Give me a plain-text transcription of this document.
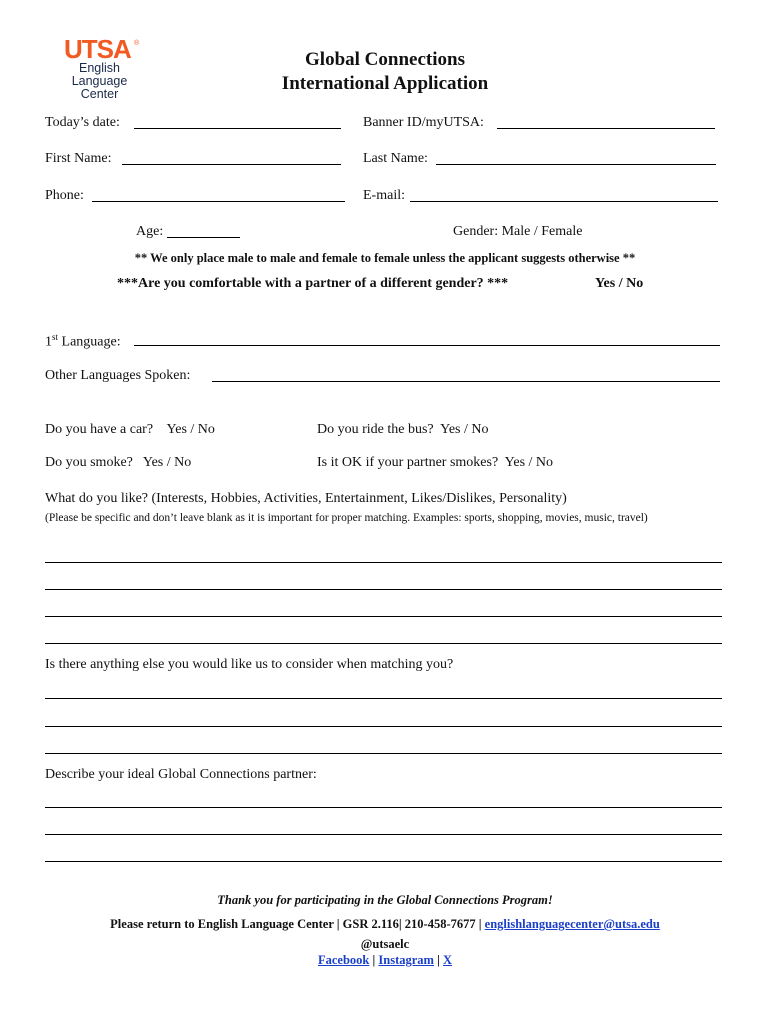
UTSA ®
English
Language Center
Global Connections
International Application
Today’s date:	Banner ID/myUTSA:
First Name:	Last Name:
Phone:	E-mail:
Age:	Gender: Male / Female
** We only place male to male and female to female unless the applicant suggests otherwise **
***Are you comfortable with a partner of a different gender? ***	Yes / No
1st Language:
Other Languages Spoken:
Do you have a car?    Yes / No	Do you ride the bus?  Yes / No
Do you smoke?   Yes / No	Is it OK if your partner smokes?  Yes / No
What do you like? (Interests, Hobbies, Activities, Entertainment, Likes/Dislikes, Personality)
(Please be specific and don’t leave blank as it is important for proper matching. Examples: sports, shopping, movies, music, travel)
Is there anything else you would like us to consider when matching you?
Describe your ideal Global Connections partner:
Thank you for participating in the Global Connections Program!
Please return to English Language Center | GSR 2.116| 210-458-7677 | englishlanguagecenter@utsa.edu
@utsaelc
Facebook | Instagram | X
